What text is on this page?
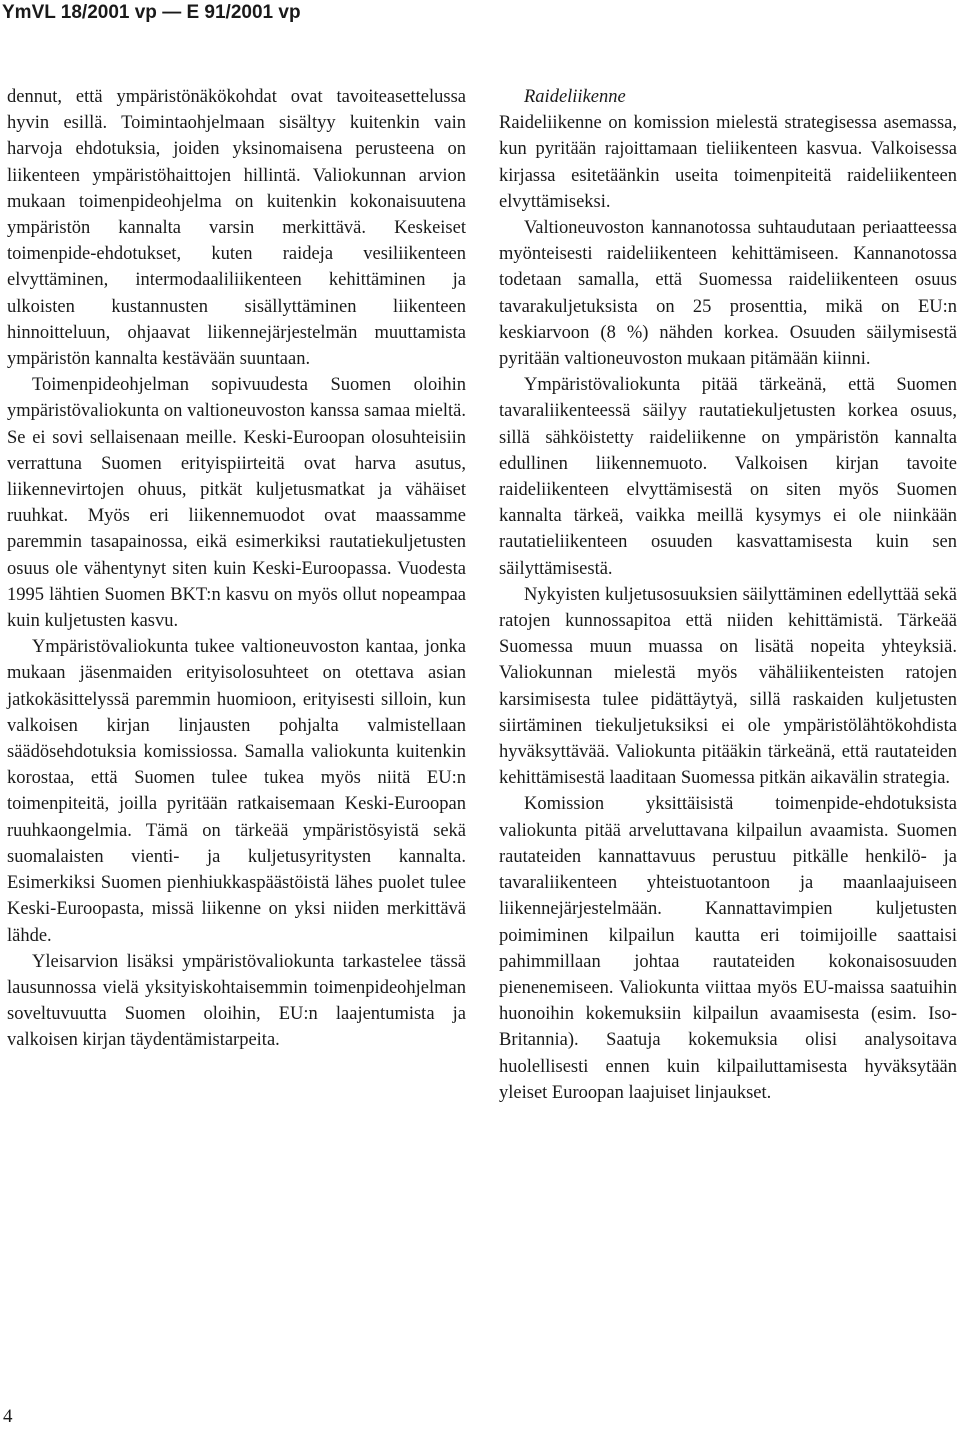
YmVL 18/2001 vp — E 91/2001 vp

dennut, että ympäristönäkökohdat ovat tavoiteasettelussa hyvin esillä. Toimintaohjelmaan sisältyy kuitenkin vain harvoja ehdotuksia, joiden yksinomaisena perusteena on liikenteen ympäristöhaittojen hillintä. Valiokunnan arvion mukaan toimenpideohjelma on kuitenkin kokonaisuutena ympäristön kannalta varsin merkittävä. Keskeiset toimenpide-ehdotukset, kuten raideja vesiliikenteen elvyttäminen, intermodaaliliikenteen kehittäminen ja ulkoisten kustannusten sisällyttäminen liikenteen hinnoitteluun, ohjaavat liikennejärjestelmän muuttamista ympäristön kannalta kestävään suuntaan.

Toimenpideohjelman sopivuudesta Suomen oloihin ympäristövaliokunta on valtioneuvoston kanssa samaa mieltä. Se ei sovi sellaisenaan meille. Keski-Euroopan olosuhteisiin verrattuna Suomen erityispiirteitä ovat harva asutus, liikennevirtojen ohuus, pitkät kuljetusmatkat ja vähäiset ruuhkat. Myös eri liikennemuodot ovat maassamme paremmin tasapainossa, eikä esimerkiksi rautatiekuljetusten osuus ole vähentynyt siten kuin Keski-Euroopassa. Vuodesta 1995 lähtien Suomen BKT:n kasvu on myös ollut nopeampaa kuin kuljetusten kasvu.

Ympäristövaliokunta tukee valtioneuvoston kantaa, jonka mukaan jäsenmaiden erityisolosuhteet on otettava asian jatkokäsittelyssä paremmin huomioon, erityisesti silloin, kun valkoisen kirjan linjausten pohjalta valmistellaan säädösehdotuksia komissiossa. Samalla valiokunta kuitenkin korostaa, että Suomen tulee tukea myös niitä EU:n toimenpiteitä, joilla pyritään ratkaisemaan Keski-Euroopan ruuhkaongelmia. Tämä on tärkeää ympäristösyistä sekä suomalaisten vienti- ja kuljetusyritysten kannalta. Esimerkiksi Suomen pienhiukkaspäästöistä lähes puolet tulee Keski-Euroopasta, missä liikenne on yksi niiden merkittävä lähde.

Yleisarvion lisäksi ympäristövaliokunta tarkastelee tässä lausunnossa vielä yksityiskohtaisemmin toimenpideohjelman soveltuvuutta Suomen oloihin, EU:n laajentumista ja valkoisen kirjan täydentämistarpeita.

Raideliikenne

Raideliikenne on komission mielestä strategisessa asemassa, kun pyritään rajoittamaan tieliikenteen kasvua. Valkoisessa kirjassa esitetäänkin useita toimenpiteitä raideliikenteen elvyttämiseksi.

Valtioneuvoston kannanotossa suhtaudutaan periaatteessa myönteisesti raideliikenteen kehittämiseen. Kannanotossa todetaan samalla, että Suomessa raideliikenteen osuus tavarakuljetuksista on 25 prosenttia, mikä on EU:n keskiarvoon (8 %) nähden korkea. Osuuden säilymisestä pyritään valtioneuvoston mukaan pitämään kiinni.

Ympäristövaliokunta pitää tärkeänä, että Suomen tavaraliikenteessä säilyy rautatiekuljetusten korkea osuus, sillä sähköistetty raideliikenne on ympäristön kannalta edullinen liikennemuoto. Valkoisen kirjan tavoite raideliikenteen elvyttämisestä on siten myös Suomen kannalta tärkeä, vaikka meillä kysymys ei ole niinkään rautatieliikenteen osuuden kasvattamisesta kuin sen säilyttämisestä.

Nykyisten kuljetusosuuksien säilyttäminen edellyttää sekä ratojen kunnossapitoa että niiden kehittämistä. Tärkeää Suomessa muun muassa on lisätä nopeita yhteyksiä. Valiokunnan mielestä myös vähäliikenteisten ratojen karsimisesta tulee pidättäytyä, sillä raskaiden kuljetusten siirtäminen tiekuljetuksiksi ei ole ympäristölähtökohdista hyväksyttävää. Valiokunta pitääkin tärkeänä, että rautateiden kehittämisestä laaditaan Suomessa pitkän aikavälin strategia.

Komission yksittäisistä toimenpide-ehdotuksista valiokunta pitää arveluttavana kilpailun avaamista. Suomen rautateiden kannattavuus perustuu pitkälle henkilö- ja tavaraliikenteen yhteistuotantoon ja maanlaajuiseen liikennejärjestelmään. Kannattavimpien kuljetusten poimiminen kilpailun kautta eri toimijoille saattaisi pahimmillaan johtaa rautateiden kokonaisosuuden pienenemiseen. Valiokunta viittaa myös EU-maissa saatuihin huonoihin kokemuksiin kilpailun avaamisesta (esim. Iso-Britannia). Saatuja kokemuksia olisi analysoitava huolellisesti ennen kuin kilpailuttamisesta hyväksytään yleiset Euroopan laajuiset linjaukset.

4
